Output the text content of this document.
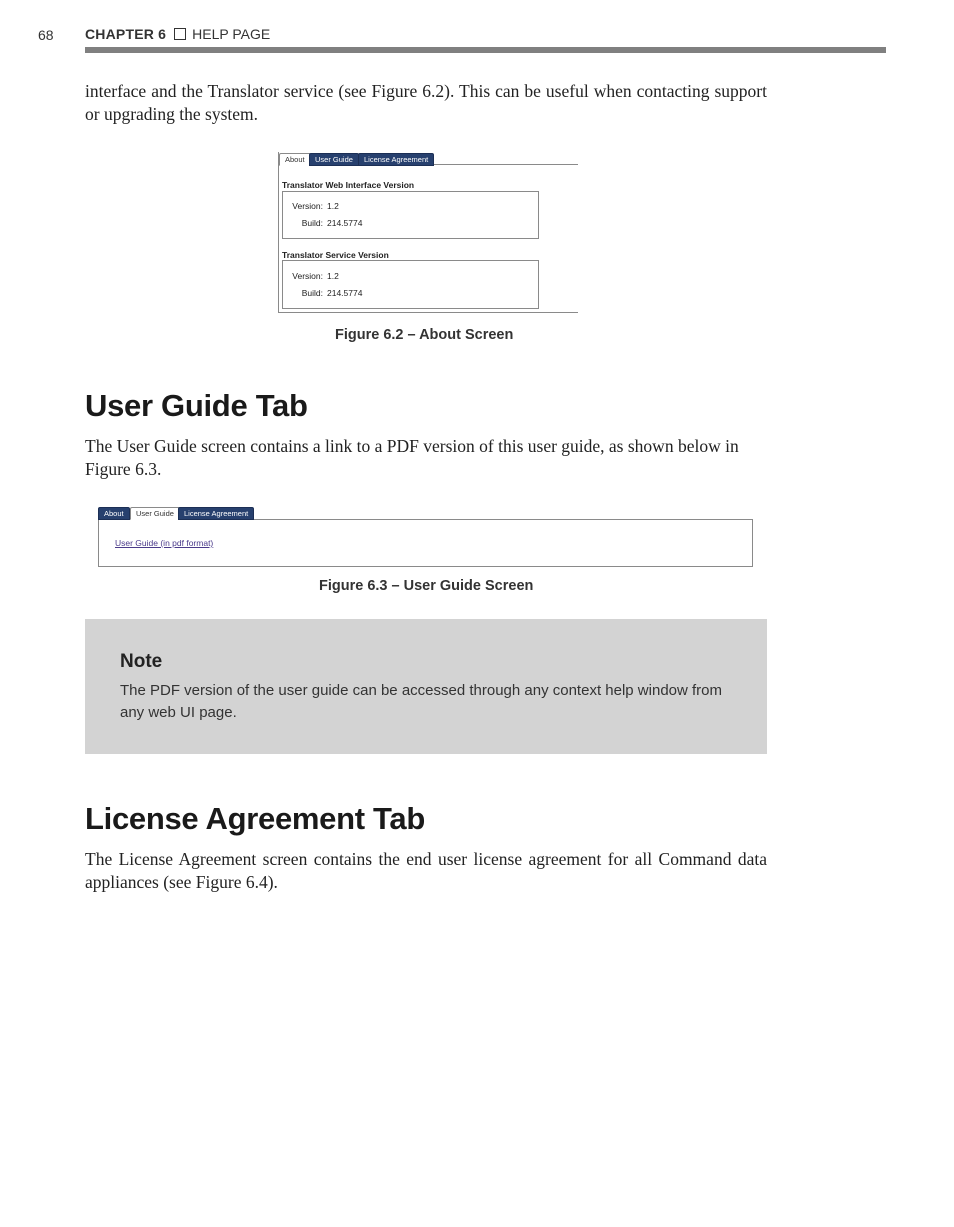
68 CHAPTER 6 HELP PAGE
interface and the Translator service (see Figure 6.2). This can be useful when contacting support or upgrading the system.
About	User Guide	License Agreement
Translator Web Interface Version
Version: 1.2
Build: 214.5774
Translator Service Version
Version: 1.2
Build: 214.5774
Figure 6.2 – About Screen
User Guide Tab
The User Guide screen contains a link to a PDF version of this user guide, as shown below in Figure 6.3.
User Guide (in pdf format)
About	User Guide	License Agreement
Figure 6.3 – User Guide Screen
Note
The PDF version of the user guide can be accessed through any context help window from any web UI page.
License Agreement Tab
The License Agreement screen contains the end user license agreement for all Command data appliances (see Figure 6.4).
